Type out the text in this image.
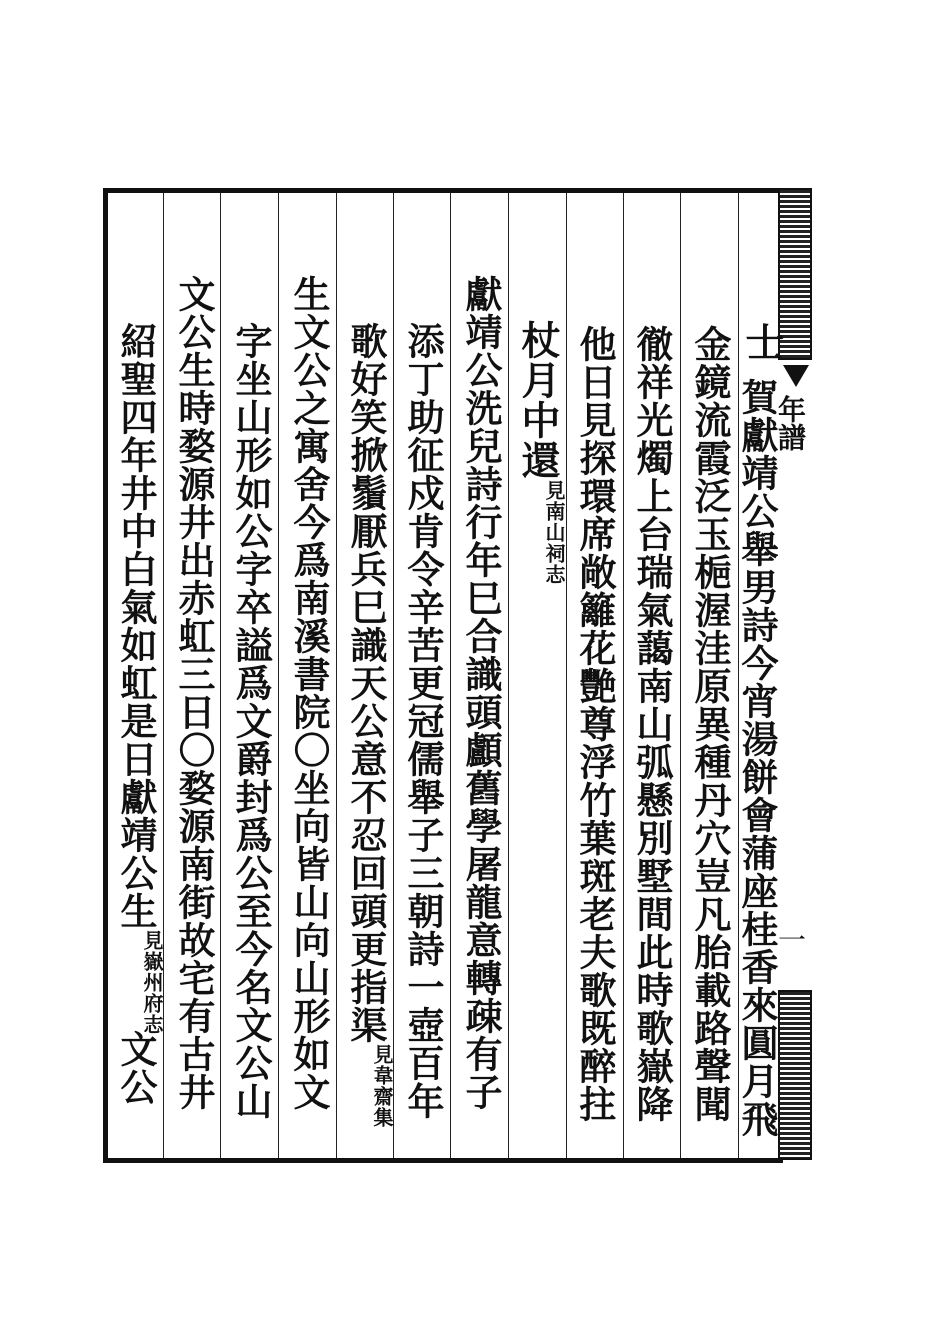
年譜
一
士
賀獻靖公舉男詩今宵湯餅會蒲座桂香來圓月飛
金鏡流霞泛玉梔渥洼原異種丹穴豈凡胎載路聲聞
徹祥光燭上台瑞氣藹南山弧懸別墅間此時歌嶽降
他日見探環席敞籬花艷尊浮竹葉斑老夫歌既醉拄
杖月中還見南山祠志
獻靖公洗兒詩行年巳合識頭顱舊學屠龍意轉疎有子
添丁助征戍肯令辛苦更冠儒舉子三朝詩一壺百年
歌好笑掀鬚厭兵巳識天公意不忍回頭更指渠見韋齋集
生文公之寓舍今爲南溪書院〇坐向皆山向山形如文
字坐山形如公字卒謚爲文爵封爲公至今名文公山
文公生時婺源井出赤虹三日〇婺源南街故宅有古井
紹聖四年井中白氣如虹是日獻靖公生見嶽州府志文公
